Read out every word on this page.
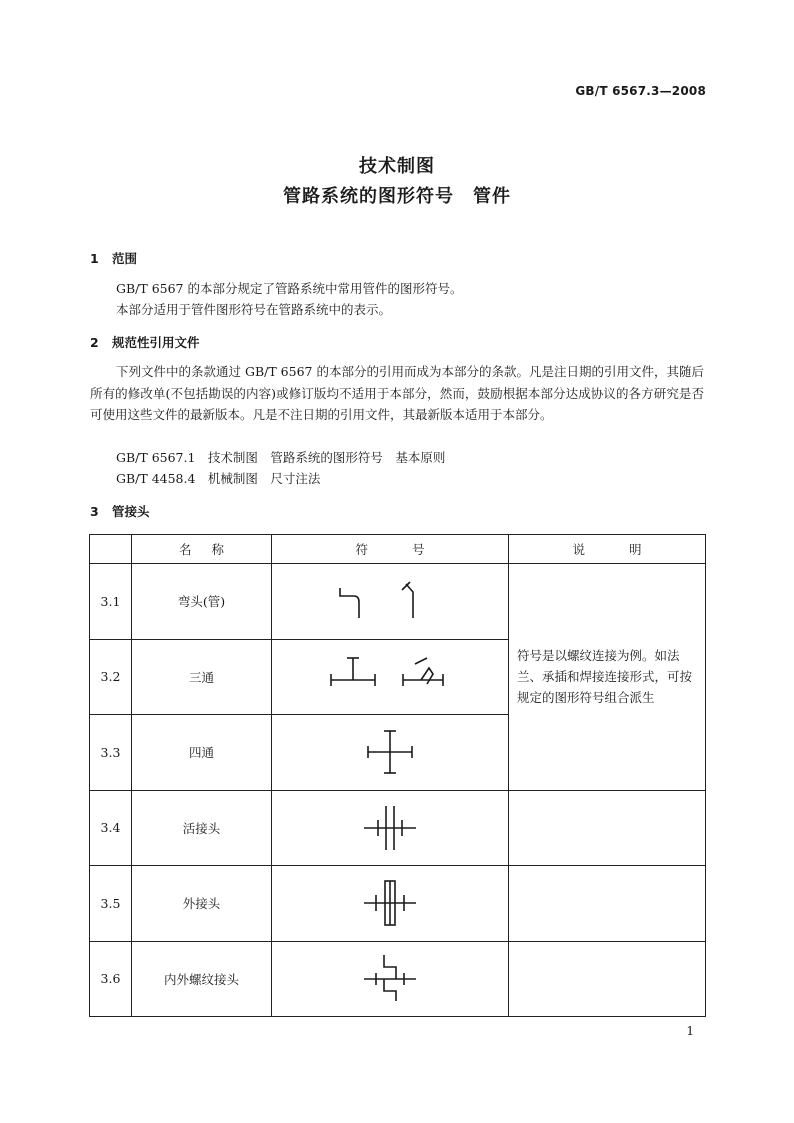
GB/T 6567.3—2008
技术制图
管路系统的图形符号　管件
1 范围
GB/T 6567 的本部分规定了管路系统中常用管件的图形符号。
本部分适用于管件图形符号在管路系统中的表示。
2 规范性引用文件
下列文件中的条款通过 GB/T 6567 的本部分的引用而成为本部分的条款。凡是注日期的引用文件，其随后所有的修改单(不包括勘误的内容)或修订版均不适用于本部分，然而，鼓励根据本部分达成协议的各方研究是否可使用这些文件的最新版本。凡是不注日期的引用文件，其最新版本适用于本部分。
GB/T 6567.1　技术制图　管路系统的图形符号　基本原则
GB/T 4458.4　机械制图　尺寸注法
3 管接头
	名称	符号	说明
3.1	弯头(管)		符号是以螺纹连接为例。如法兰、承插和焊接连接形式，可按规定的图形符号组合派生
3.2	三通	

3.3	四通	

3.4	活接头	

3.5	外接头	

3.6	内外螺纹接头	

1
